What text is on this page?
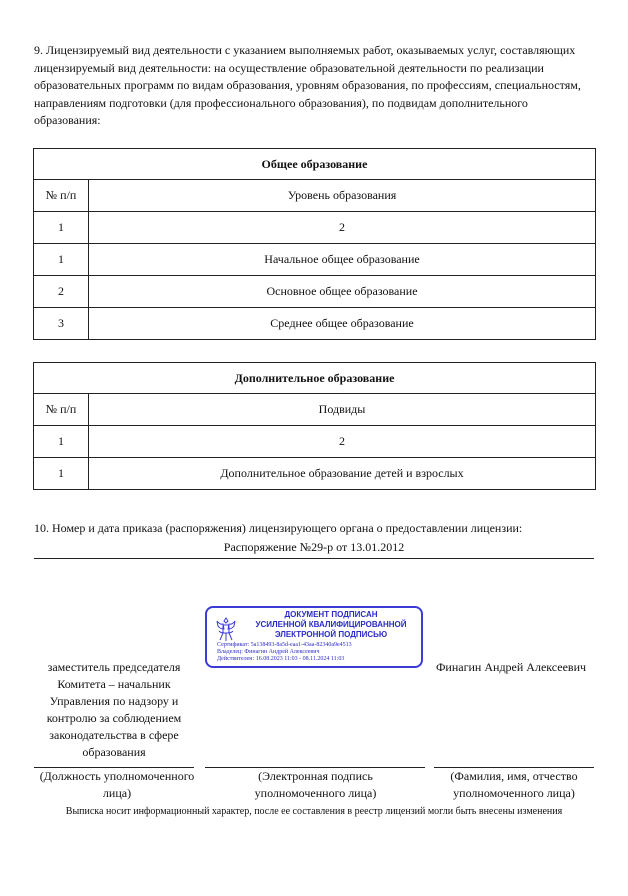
9. Лицензируемый вид деятельности с указанием выполняемых работ, оказываемых услуг, составляющих лицензируемый вид деятельности: на осуществление образовательной деятельности по реализации образовательных программ по видам образования, уровням образования, по профессиям, специальностям, направлениям подготовки (для профессионального образования), по подвидам дополнительного образования:
Общее образование	
№ п/п	Уровень образования
1	2
1	Начальное общее образование
2	Основное общее образование
3	Среднее общее образование
Дополнительное образование	
№ п/п	Подвиды
1	2
1	Дополнительное образование детей и взрослых
10. Номер и дата приказа (распоряжения) лицензирующего органа о предоставлении лицензии:
Распоряжение №29-р от 13.01.2012
ДОКУМЕНТ ПОДПИСАН
УСИЛЕННОЙ КВАЛИФИЦИРОВАННОЙ
ЭЛЕКТРОННОЙ ПОДПИСЬЮ
Сертификат: 5a138493-8a5d-eaa1-43aa-82340a9e4513
Владелец: Финагин Андрей Алексеевич
Действителен: 16.08.2023 11:03 - 08.11.2024 11:03
заместитель председателя Комитета – начальник Управления по надзору и контролю за соблюдением законодательства в сфере образования
Финагин Андрей Алексеевич
(Должность уполномоченного лица)
(Электронная подпись уполномоченного лица)
(Фамилия, имя, отчество уполномоченного лица)
Выписка носит информационный характер, после ее составления в реестр лицензий могли быть внесены изменения
